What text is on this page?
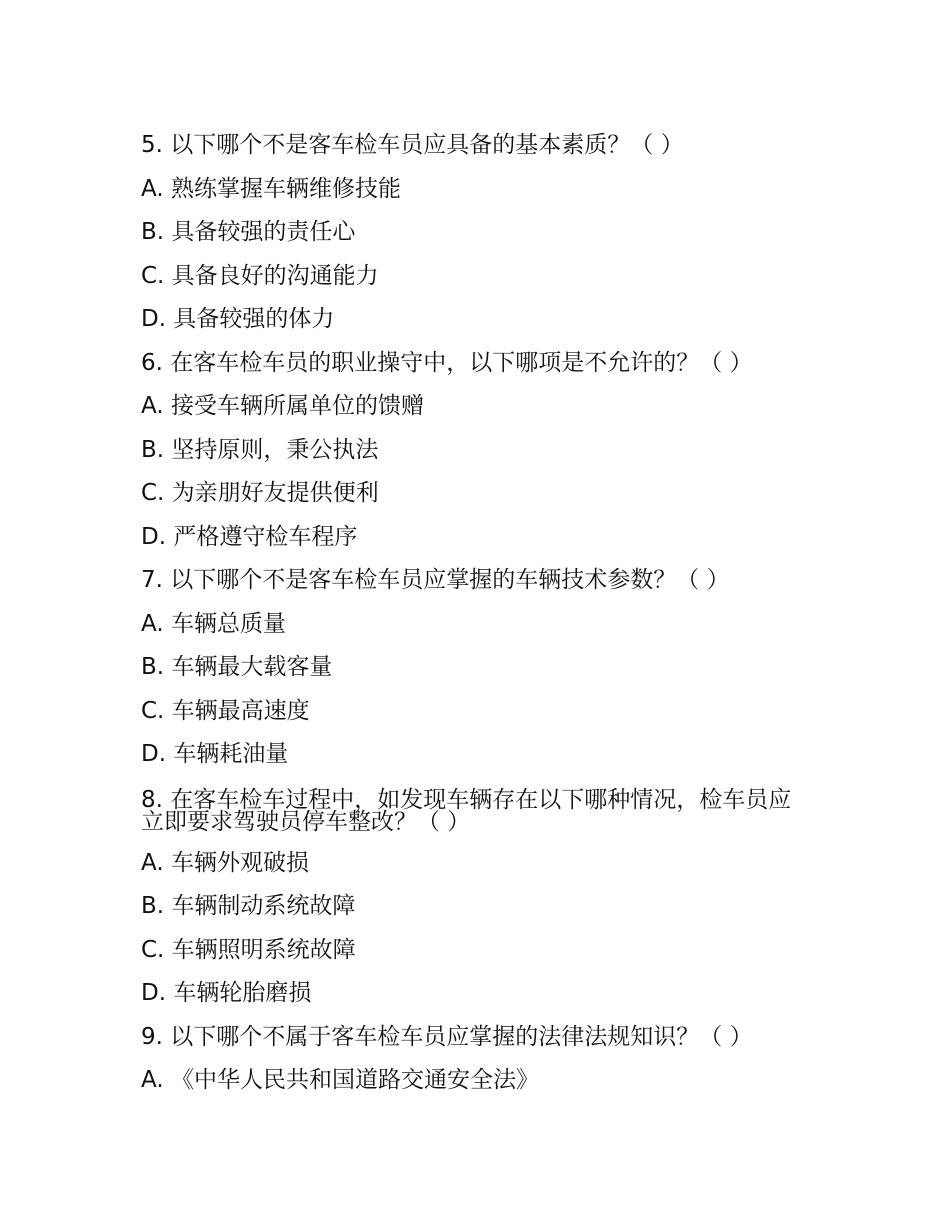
5. 以下哪个不是客车检车员应具备的基本素质？（ ）
A. 熟练掌握车辆维修技能
B. 具备较强的责任心
C. 具备良好的沟通能力
D. 具备较强的体力
6. 在客车检车员的职业操守中，以下哪项是不允许的？（ ）
A. 接受车辆所属单位的馈赠
B. 坚持原则，秉公执法
C. 为亲朋好友提供便利
D. 严格遵守检车程序
7. 以下哪个不是客车检车员应掌握的车辆技术参数？（ ）
A. 车辆总质量
B. 车辆最大载客量
C. 车辆最高速度
D. 车辆耗油量
8. 在客车检车过程中，如发现车辆存在以下哪种情况，检车员应立即要求驾驶员停车整改？（ ）
A. 车辆外观破损
B. 车辆制动系统故障
C. 车辆照明系统故障
D. 车辆轮胎磨损
9. 以下哪个不属于客车检车员应掌握的法律法规知识？（ ）
A. 《中华人民共和国道路交通安全法》
